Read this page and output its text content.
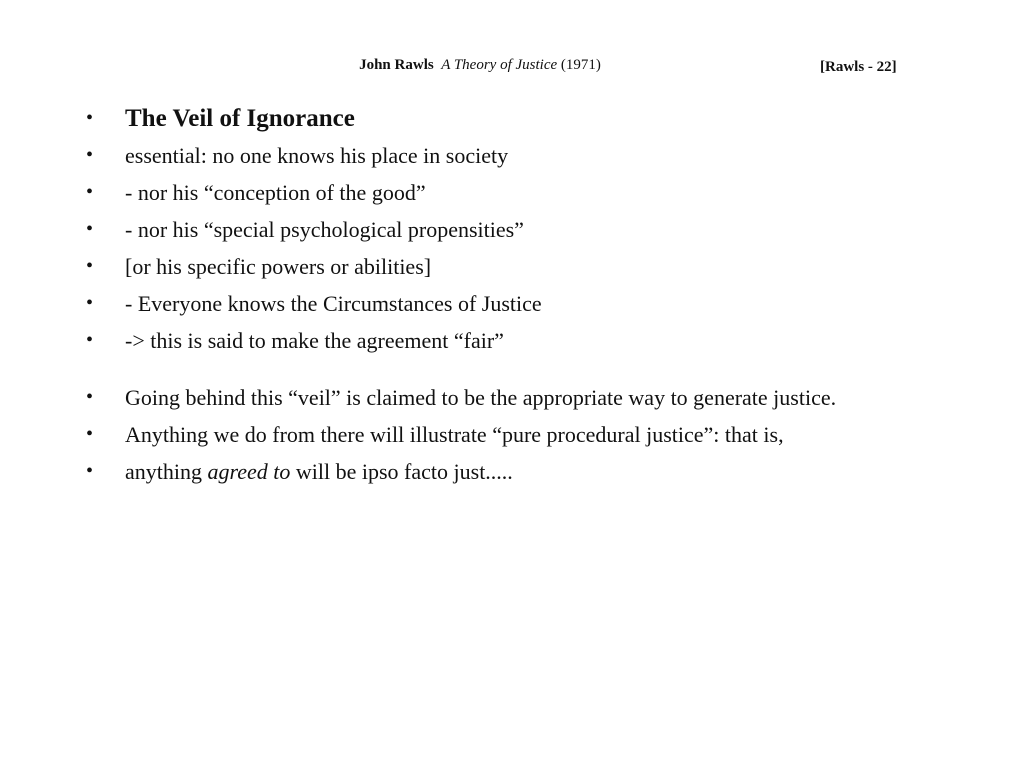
John Rawls A Theory of Justice (1971)	[Rawls - 22]
•	The Veil of Ignorance
•	essential: no one knows his place in society
•	- nor his “conception of the good”
•	- nor his “special psychological propensities”
•	[or his specific powers or abilities]
•	- Everyone knows the Circumstances of Justice
•	-> this is said to make the agreement “fair”
•	Going behind this “veil” is claimed to be the appropriate way to generate justice.
•	Anything we do from there will illustrate “pure procedural justice”: that is,
•	anything agreed to will be ipso facto just.....
